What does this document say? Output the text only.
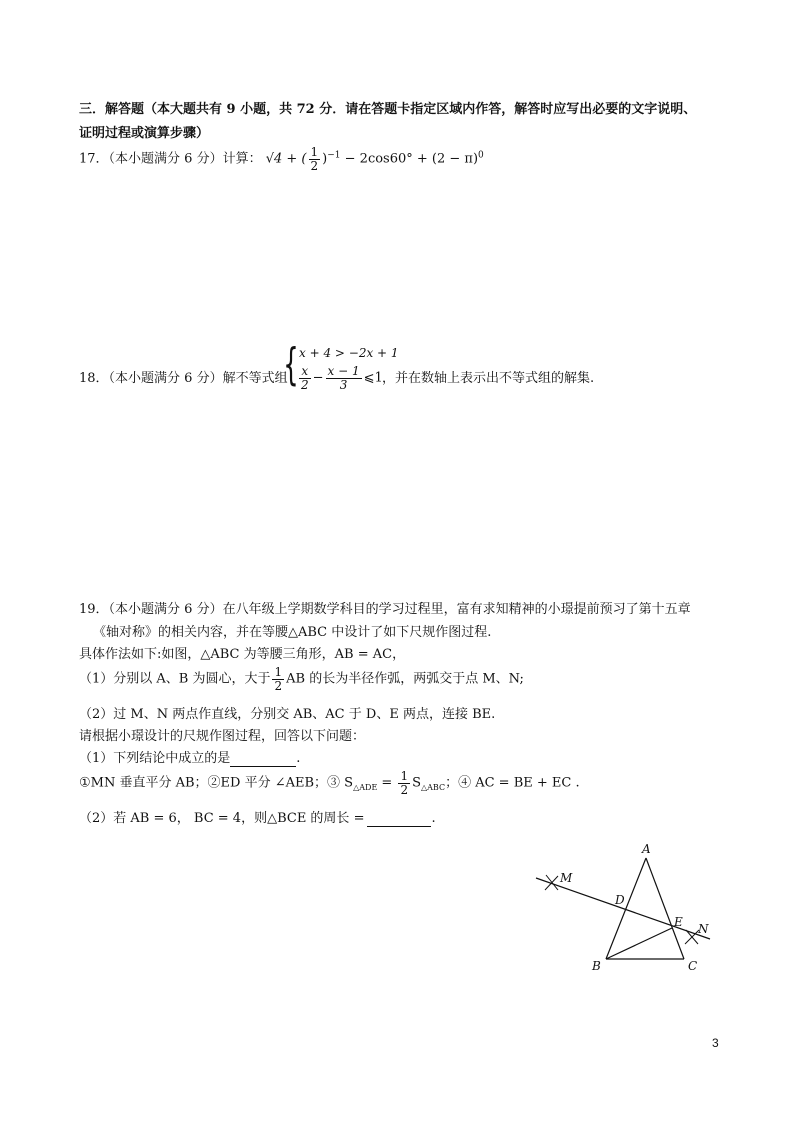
三．解答题（本大题共有 9 小题，共 72 分．请在答题卡指定区域内作答，解答时应写出必要的文字说明、
证明过程或演算步骤）
17．（本小题满分 6 分）计算： √4 + ( $\frac{1}{2} )^{-1} - 2\cos 60^\circ + (2 - \pi)^0$
18．（本小题满分 6 分）解不等式组
{ x + 4 > −2x + 1
$\frac{x}{2} - \frac{x - 1}{3}$ ⩽1 ，并在数轴上表示出不等式组的解集.
19．（本小题满分 6 分）在八年级上学期数学科目的学习过程里，富有求知精神的小璟提前预习了第十五章
《轴对称》的相关内容，并在等腰△ABC 中设计了如下尺规作图过程.
具体作法如下:如图，△ABC 为等腰三角形，AB = AC，
（1）分别以 A、B 为圆心，大于 $\frac{1}{2}$ AB 的长为半径作弧，两弧交于点 M、N;
（2）过 M、N 两点作直线，分别交 AB、AC 于 D、E 两点，连接 BE.
请根据小璟设计的尺规作图过程，回答以下问题：
（1）下列结论中成立的是	.
①MN 垂直平分 AB；②ED 平分 ∠AEB；③ $S_{\triangle ADE} = \frac{1}{2} S_{\triangle ABC}$；④ AC = BE + EC .
（2）若 AB = 6， BC = 4，则△BCE 的周长 =	.
A
B	C
D
E
M
N
3
